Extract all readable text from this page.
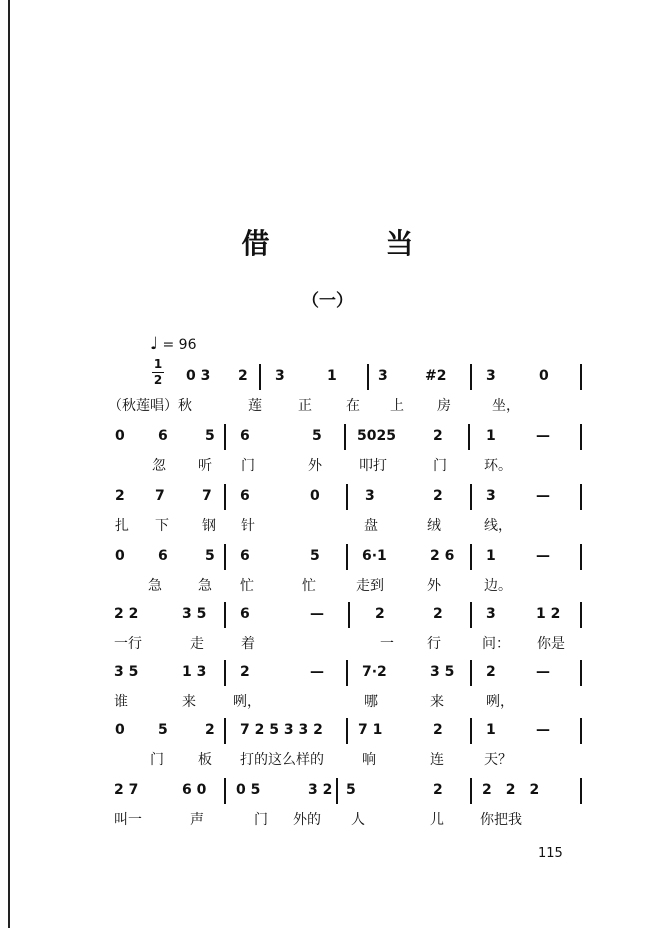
借　当
（一）
♩ = 96
1
2 0 3 2 3	1	3	#2	3	0
（秋莲唱）秋	莲	正 在 上 房	坐，
0 6	5 6	5	5025	2	1	—
忽 听 门	外	叩打	门	环。
2 7	7 6	0	3	2	3	—
扎 下 钢 针	盘	绒	线，
0 6	5 6	5	6·1	2 6 1	—
急	急 忙	忙	走到	外	边。
2 2	3 5 6	—	2	2	3	1 2
一行	走	着	一 行	问： 你是
3 5	1 3 2	—	7·2	3 5 2	—
谁	来	咧，	哪	来	咧，
0 5	2 7 2 5 3 3 2	7 1	2	1	—
门 板 打的这么样的	响	连	天？
2 7	6 0 0 5	3 2 5	2	2　2　2
叫一	声	门 外的 人	儿	你把我
115
